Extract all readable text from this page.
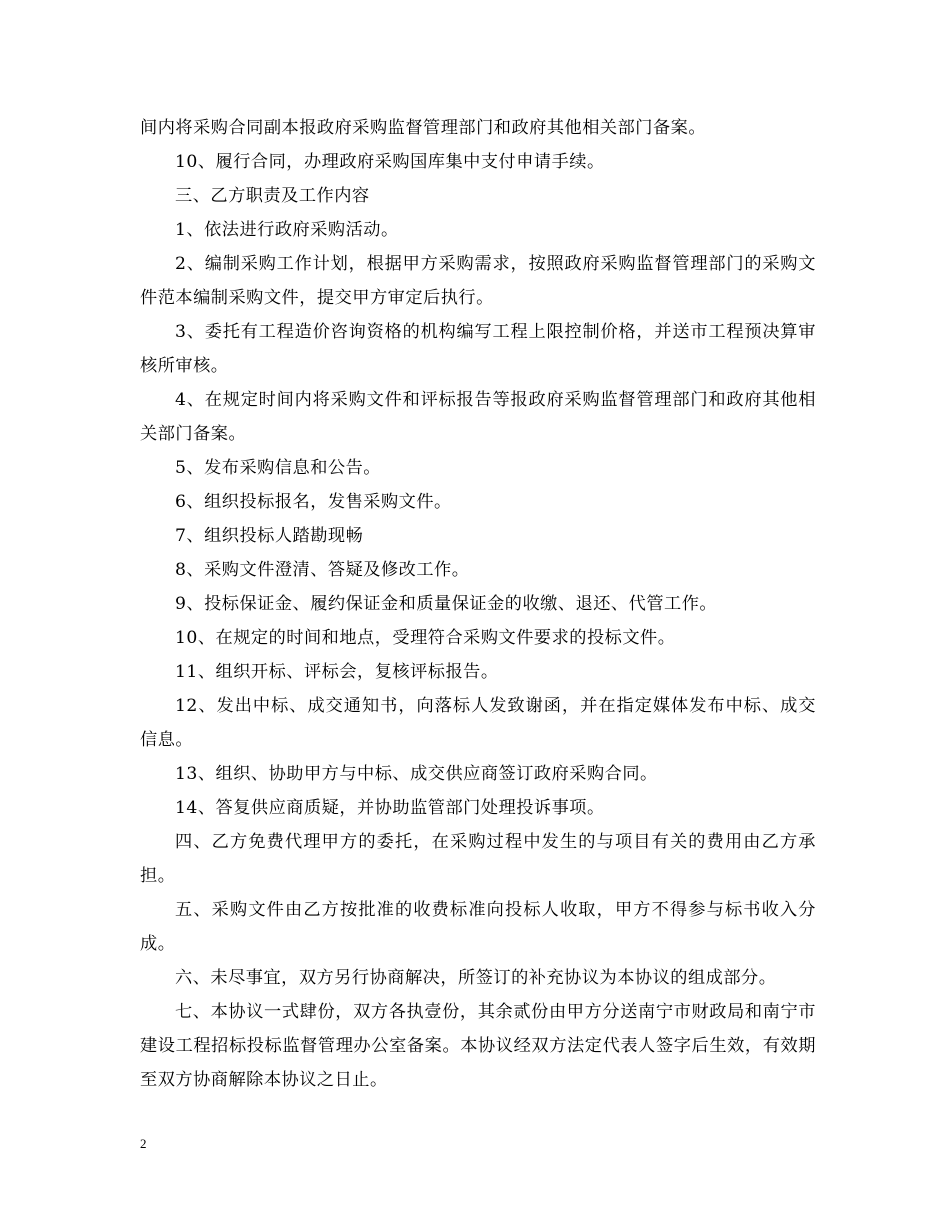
间内将采购合同副本报政府采购监督管理部门和政府其他相关部门备案。

10、履行合同，办理政府采购国库集中支付申请手续。

三、乙方职责及工作内容

1、依法进行政府采购活动。

2、编制采购工作计划，根据甲方采购需求，按照政府采购监督管理部门的采购文件范本编制采购文件，提交甲方审定后执行。

3、委托有工程造价咨询资格的机构编写工程上限控制价格，并送市工程预决算审核所审核。

4、在规定时间内将采购文件和评标报告等报政府采购监督管理部门和政府其他相关部门备案。

5、发布采购信息和公告。

6、组织投标报名，发售采购文件。

7、组织投标人踏勘现畅

8、采购文件澄清、答疑及修改工作。

9、投标保证金、履约保证金和质量保证金的收缴、退还、代管工作。

10、在规定的时间和地点，受理符合采购文件要求的投标文件。

11、组织开标、评标会，复核评标报告。

12、发出中标、成交通知书，向落标人发致谢函，并在指定媒体发布中标、成交信息。

13、组织、协助甲方与中标、成交供应商签订政府采购合同。

14、答复供应商质疑，并协助监管部门处理投诉事项。

四、乙方免费代理甲方的委托，在采购过程中发生的与项目有关的费用由乙方承担。

五、采购文件由乙方按批准的收费标准向投标人收取，甲方不得参与标书收入分成。

六、未尽事宜，双方另行协商解决，所签订的补充协议为本协议的组成部分。

七、本协议一式肆份，双方各执壹份，其余贰份由甲方分送南宁市财政局和南宁市建设工程招标投标监督管理办公室备案。本协议经双方法定代表人签字后生效，有效期至双方协商解除本协议之日止。

2
